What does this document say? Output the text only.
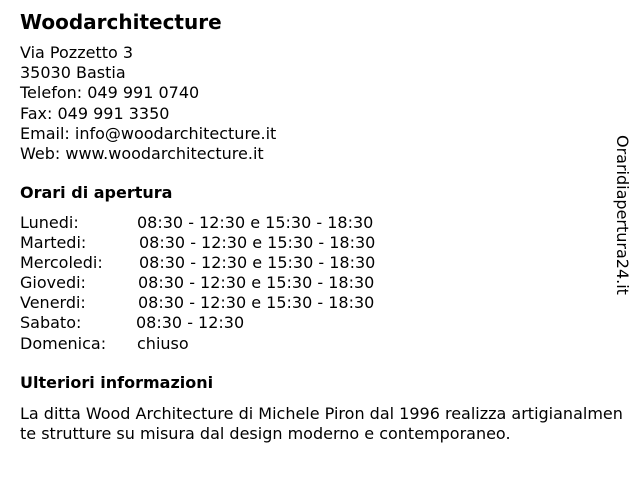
Woodarchitecture
Via Pozzetto 3
35030 Bastia
Telefon: 049 991 0740
Fax: 049 991 3350
Email: info@woodarchitecture.it
Web: www.woodarchitecture.it
Orari di apertura
Lunedi:	08:30 - 12:30 e 15:30 - 18:30
Martedi:	08:30 - 12:30 e 15:30 - 18:30
Mercoledi: 08:30 - 12:30 e 15:30 - 18:30
Giovedi:	08:30 - 12:30 e 15:30 - 18:30
Venerdi:	08:30 - 12:30 e 15:30 - 18:30
Sabato:	08:30 - 12:30
Domenica: chiuso
Ulteriori informazioni

La ditta Wood Architecture di Michele Piron dal 1996 realizza artigianalmente strutture su misura dal design moderno e contemporaneo.

Oraridiapertura24.it
